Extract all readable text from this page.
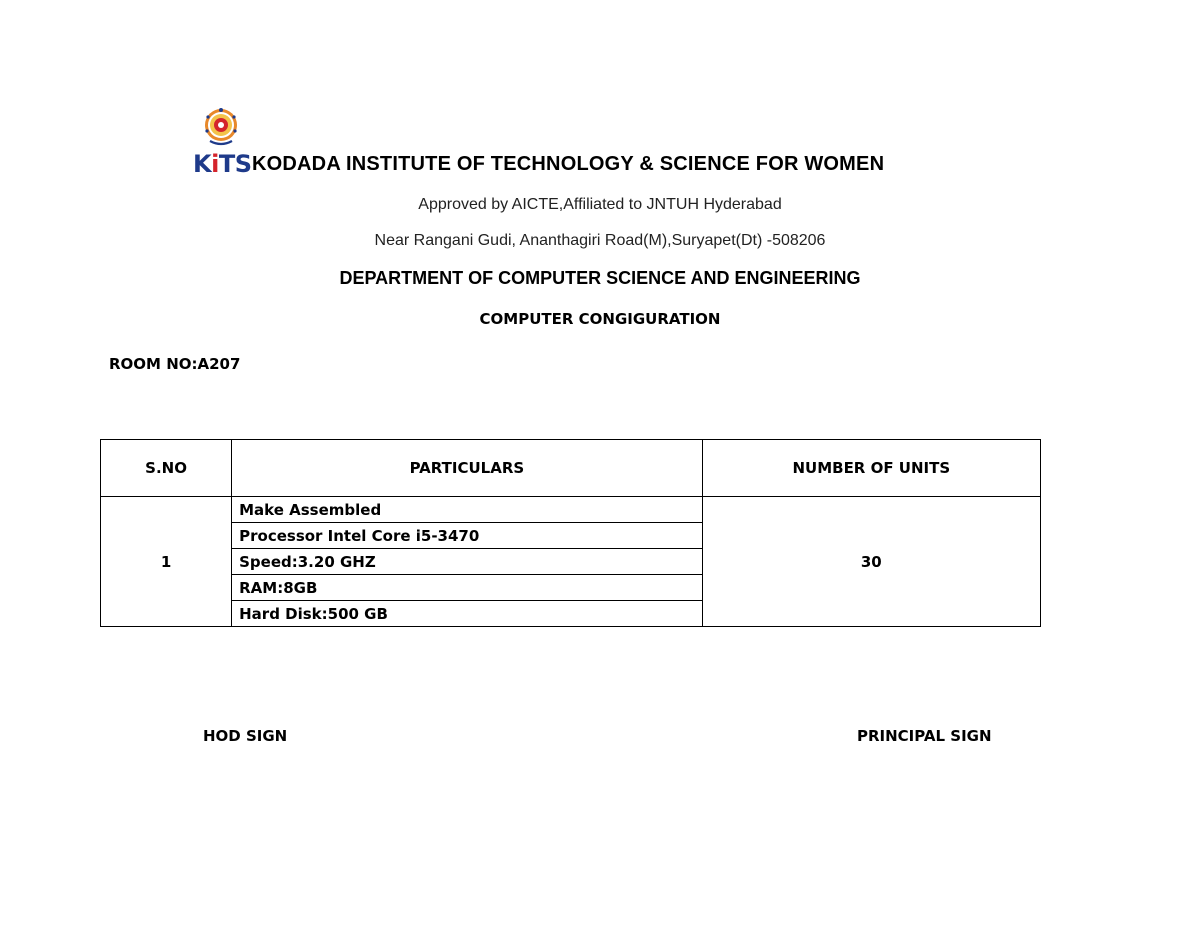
KiTS KODADA INSTITUTE OF TECHNOLOGY & SCIENCE FOR WOMEN
Approved by AICTE,Affiliated to JNTUH Hyderabad
Near Rangani Gudi, Ananthagiri Road(M),Suryapet(Dt) -508206
DEPARTMENT OF COMPUTER SCIENCE AND ENGINEERING
COMPUTER CONGIGURATION
ROOM NO:A207
S.NO	PARTICULARS	NUMBER OF UNITS
1	Make Assembled	30
	Processor Intel Core i5-3470	
	Speed:3.20 GHZ	
	RAM:8GB	
	Hard Disk:500 GB	
HOD SIGN	PRINCIPAL SIGN
